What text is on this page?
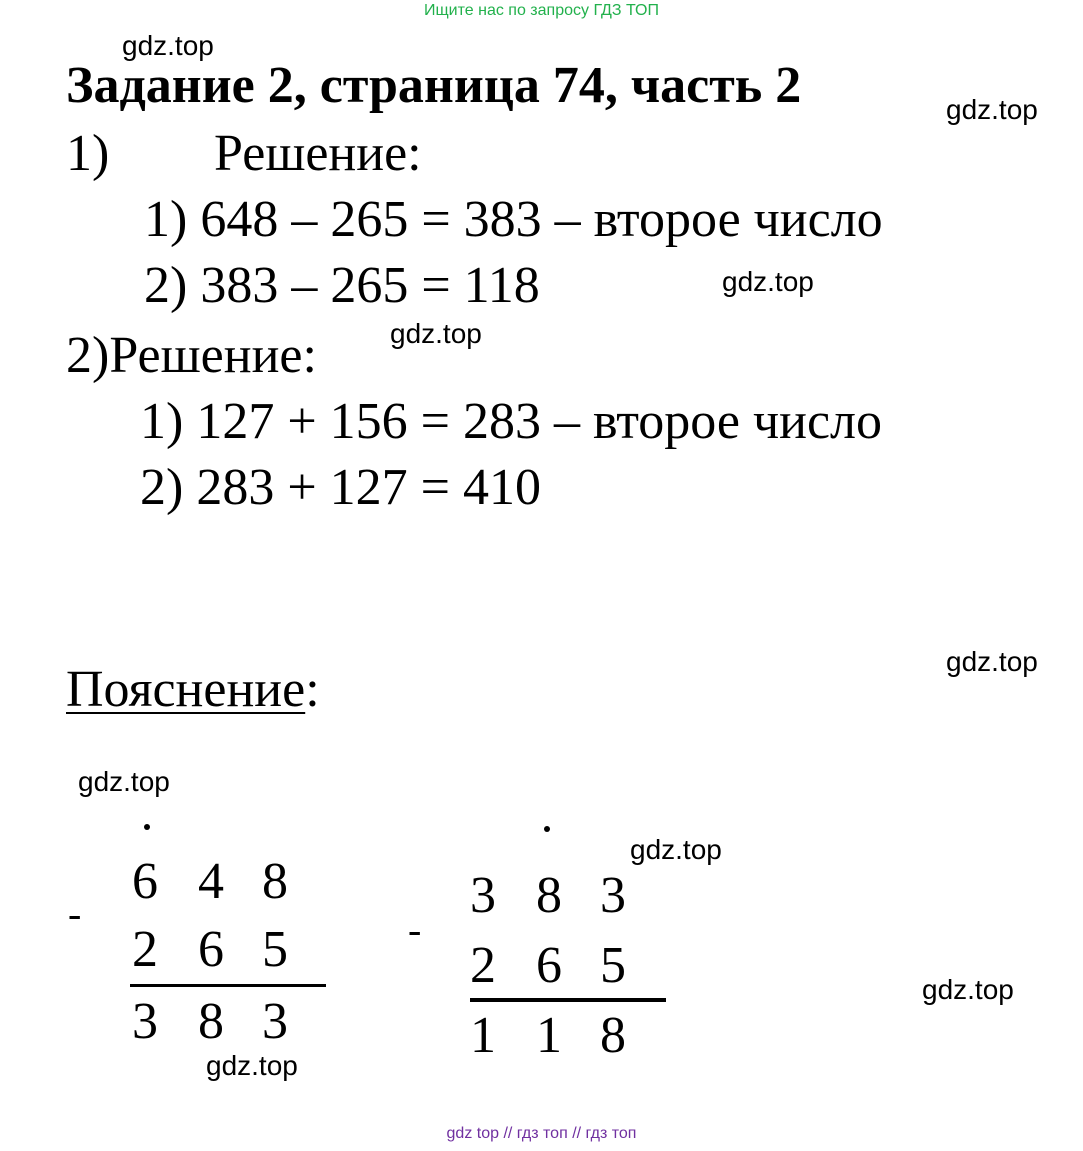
Ищите нас по запросу ГДЗ ТОП
gdz.top
gdz.top
gdz.top
gdz.top
gdz.top
gdz.top
gdz.top
gdz.top
gdz.top
Задание 2, страница 74, часть 2
1) Решение:
1) 648 – 265 = 383 – второе число
2) 383 – 265 = 118
2)Решение:
1) 127 + 156 = 283 – второе число
2) 283 + 127 = 410
Пояснение:
-
6 4 8
2 6 5
3 8 3
-
3 8 3
2 6 5
1 1 8
gdz top // гдз топ // гдз топ
